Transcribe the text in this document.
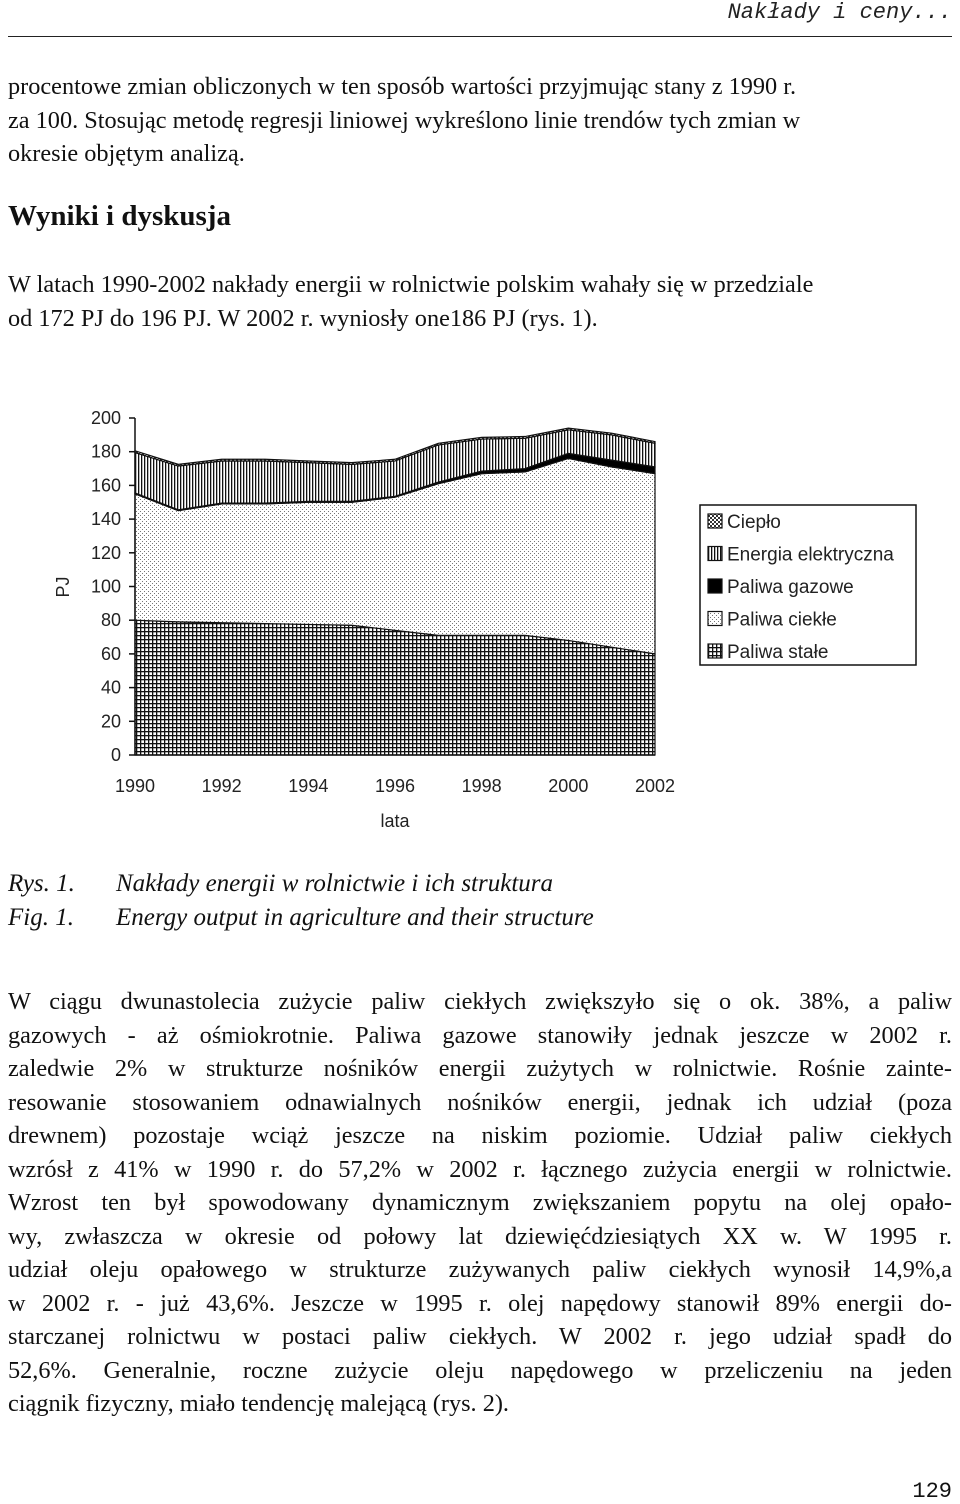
Nakłady i ceny...
procentowe zmian obliczonych w ten sposób wartości przyjmując stany z 1990 r.
za 100. Stosując metodę regresji liniowej wykreślono linie trendów tych zmian w
okresie objętym analizą.
Wyniki i dyskusja
W latach 1990-2002 nakłady energii w rolnictwie polskim wahały się w przedziale
od 172 PJ do 196 PJ. W 2002 r. wyniosły one186 PJ (rys. 1).
0
20
40
60
80
100
120
140
160
180
200
1990	1992	1994	1996	1998	2000	2002
PJ
lata
Ciepło
Energia elektryczna
Paliwa gazowe
Paliwa ciekłe
Paliwa stałe
Rys. 1. Nakłady energii w rolnictwie i ich struktura
Fig. 1. Energy output in agriculture and their structure
W ciągu dwunastolecia zużycie paliw ciekłych zwiększyło się o ok. 38%, a paliw
gazowych - aż ośmiokrotnie. Paliwa gazowe stanowiły jednak jeszcze w 2002 r.
zaledwie 2% w strukturze nośników energii zużytych w rolnictwie. Rośnie zainte-
resowanie stosowaniem odnawialnych nośników energii, jednak ich udział (poza
drewnem) pozostaje wciąż jeszcze na niskim poziomie. Udział paliw ciekłych
wzrósł z 41% w 1990 r. do 57,2% w 2002 r. łącznego zużycia energii w rolnictwie.
Wzrost ten był spowodowany dynamicznym zwiększaniem popytu na olej opało-
wy, zwłaszcza w okresie od połowy lat dziewięćdziesiątych XX w. W 1995 r.
udział oleju opałowego w strukturze zużywanych paliw ciekłych wynosił 14,9%,a
w 2002 r. - już 43,6%. Jeszcze w 1995 r. olej napędowy stanowił 89% energii do-
starczanej rolnictwu w postaci paliw ciekłych. W 2002 r. jego udział spadł do
52,6%. Generalnie, roczne zużycie oleju napędowego w przeliczeniu na jeden
ciągnik fizyczny, miało tendencję malejącą (rys. 2).
129
